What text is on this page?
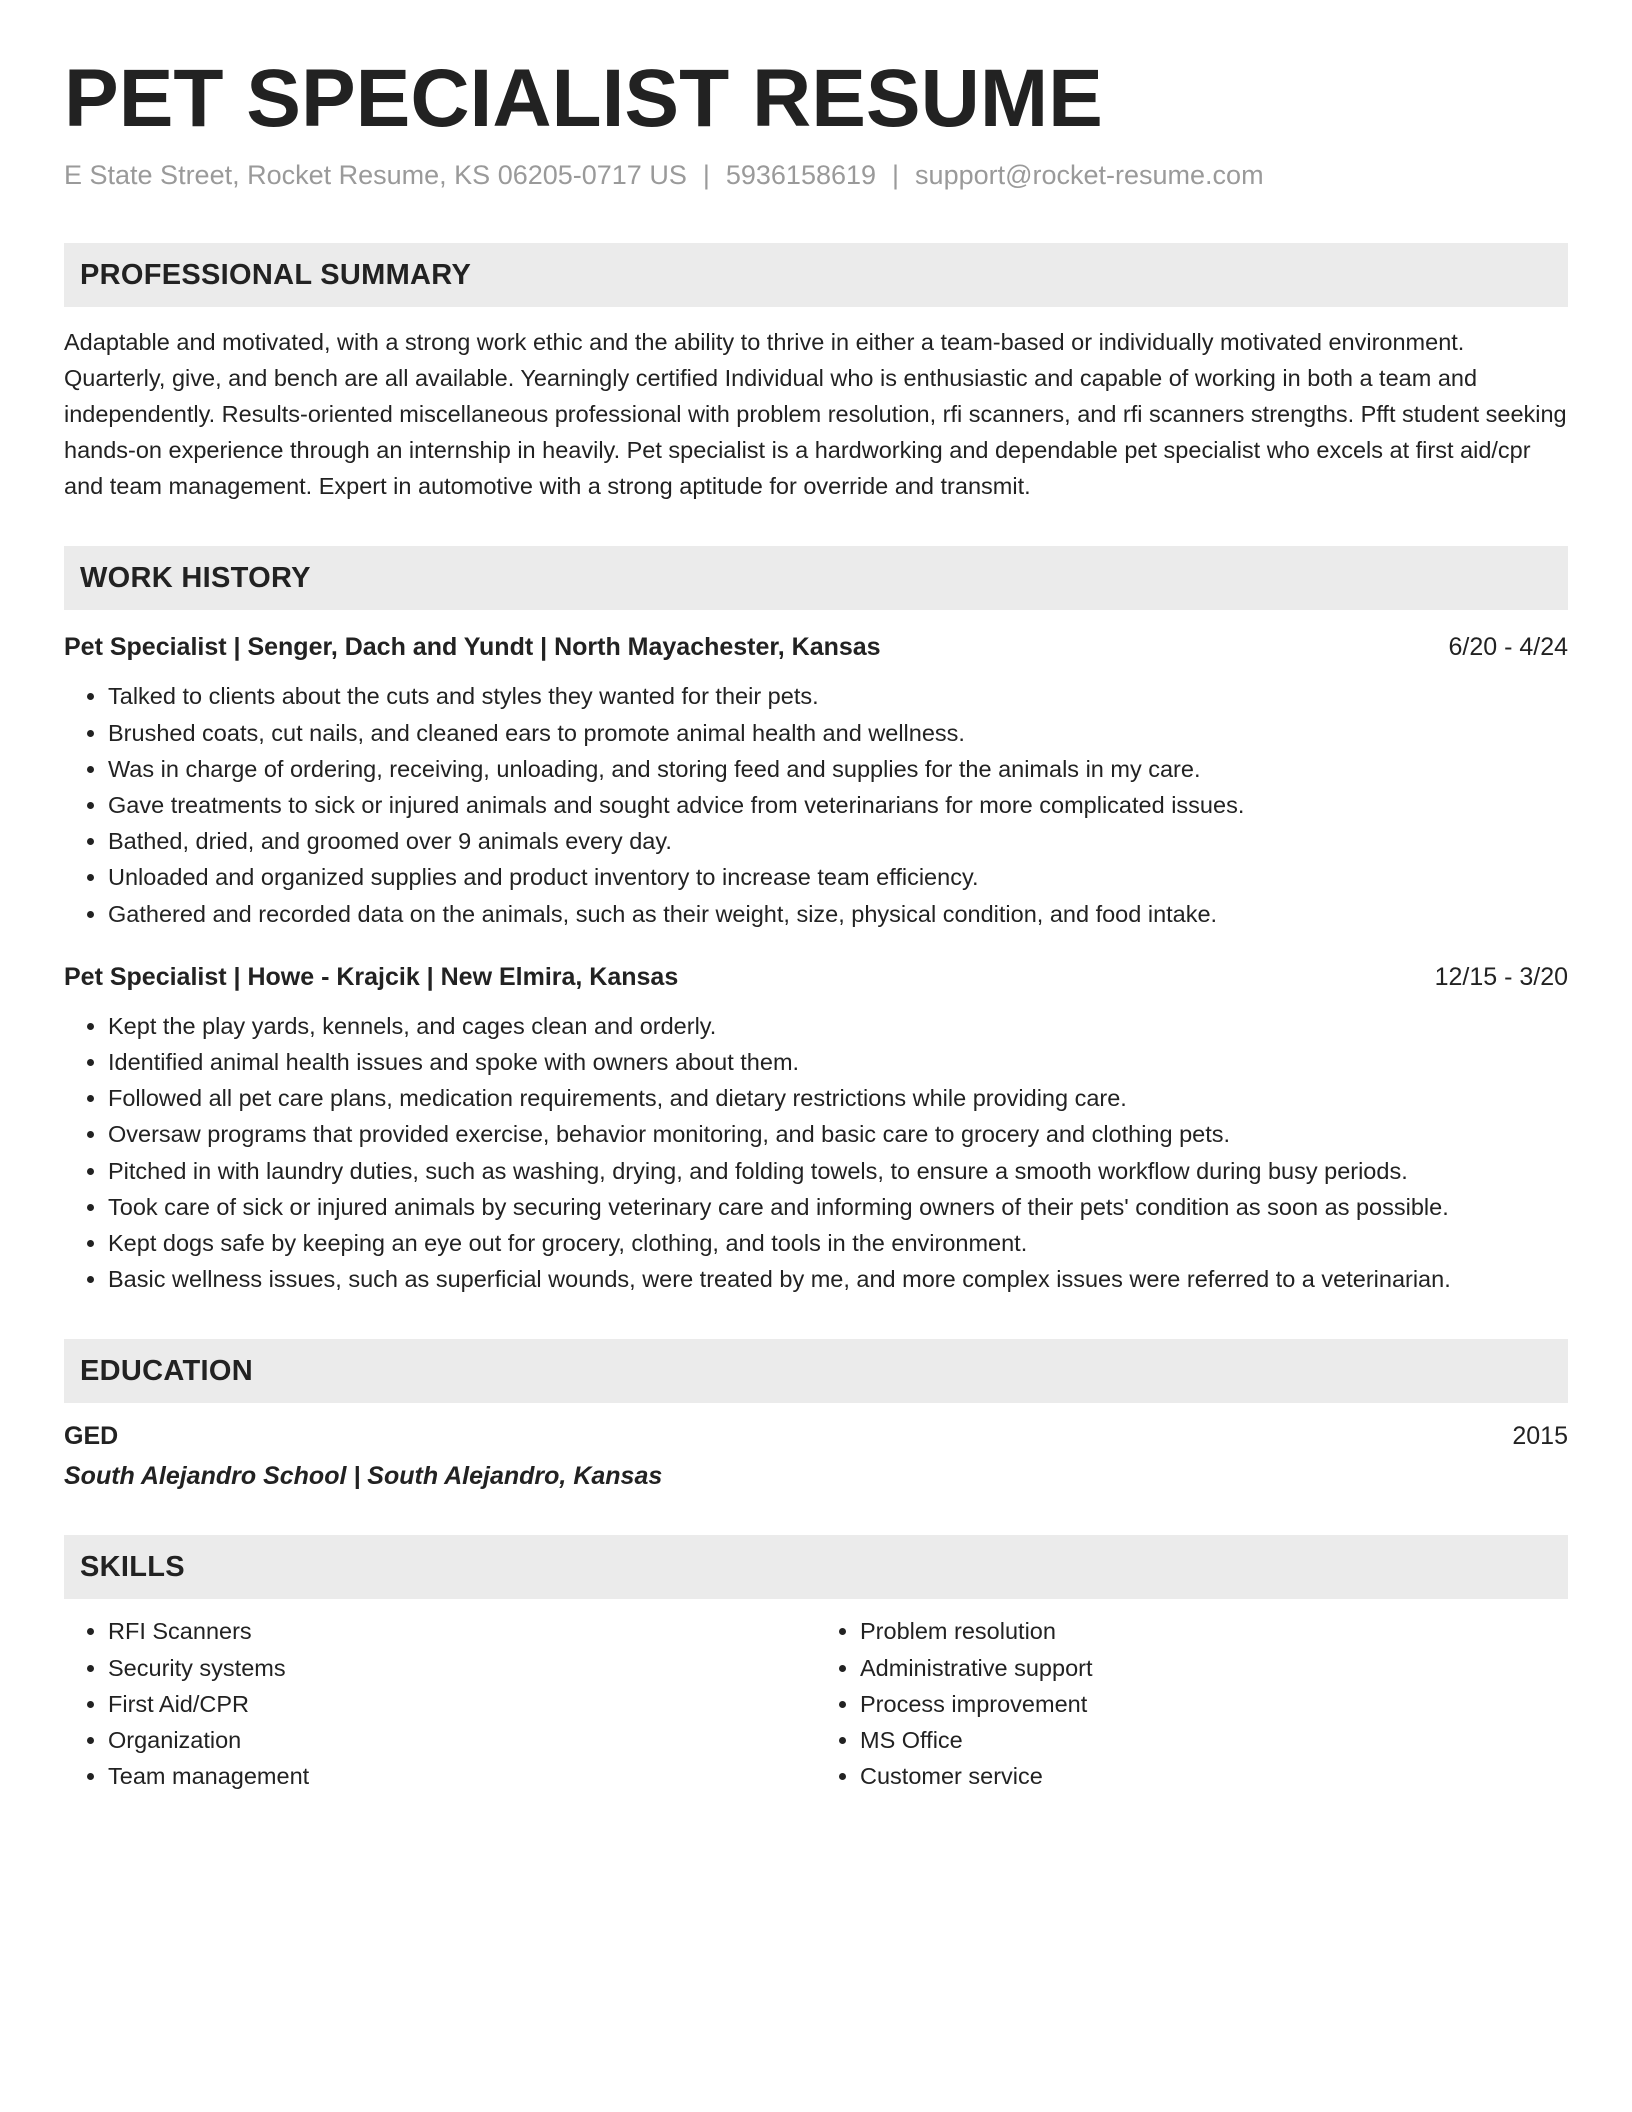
PET SPECIALIST RESUME
E State Street, Rocket Resume, KS 06205-0717 US | 5936158619 | support@rocket-resume.com
PROFESSIONAL SUMMARY
Adaptable and motivated, with a strong work ethic and the ability to thrive in either a team-based or individually motivated environment. Quarterly, give, and bench are all available. Yearningly certified Individual who is enthusiastic and capable of working in both a team and independently. Results-oriented miscellaneous professional with problem resolution, rfi scanners, and rfi scanners strengths. Pfft student seeking hands-on experience through an internship in heavily. Pet specialist is a hardworking and dependable pet specialist who excels at first aid/cpr and team management. Expert in automotive with a strong aptitude for override and transmit.
WORK HISTORY
Pet Specialist | Senger, Dach and Yundt | North Mayachester, Kansas	6/20 - 4/24
• Talked to clients about the cuts and styles they wanted for their pets.
• Brushed coats, cut nails, and cleaned ears to promote animal health and wellness.
• Was in charge of ordering, receiving, unloading, and storing feed and supplies for the animals in my care.
• Gave treatments to sick or injured animals and sought advice from veterinarians for more complicated issues.
• Bathed, dried, and groomed over 9 animals every day.
• Unloaded and organized supplies and product inventory to increase team efficiency.
• Gathered and recorded data on the animals, such as their weight, size, physical condition, and food intake.
Pet Specialist | Howe - Krajcik | New Elmira, Kansas	12/15 - 3/20
• Kept the play yards, kennels, and cages clean and orderly.
• Identified animal health issues and spoke with owners about them.
• Followed all pet care plans, medication requirements, and dietary restrictions while providing care.
• Oversaw programs that provided exercise, behavior monitoring, and basic care to grocery and clothing pets.
• Pitched in with laundry duties, such as washing, drying, and folding towels, to ensure a smooth workflow during busy periods.
• Took care of sick or injured animals by securing veterinary care and informing owners of their pets' condition as soon as possible.
• Kept dogs safe by keeping an eye out for grocery, clothing, and tools in the environment.
• Basic wellness issues, such as superficial wounds, were treated by me, and more complex issues were referred to a veterinarian.
EDUCATION
GED	2015
South Alejandro School | South Alejandro, Kansas
SKILLS
• RFI Scanners
• Security systems
• First Aid/CPR
• Organization
• Team management
• Problem resolution
• Administrative support
• Process improvement
• MS Office
• Customer service
